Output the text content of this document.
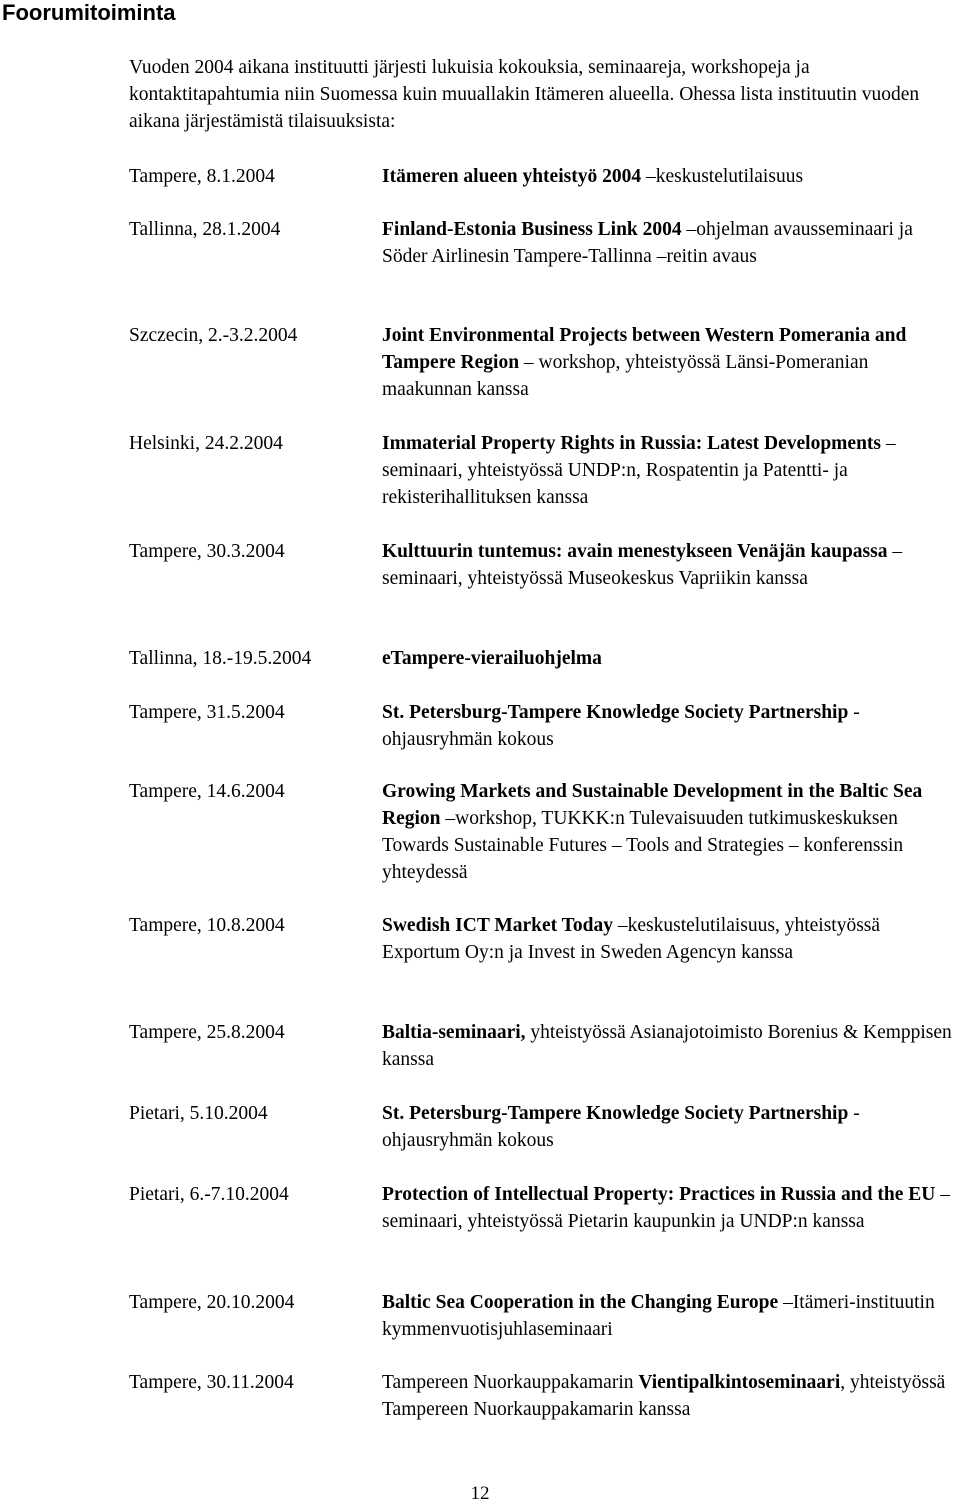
Foorumitoiminta
Vuoden 2004 aikana instituutti järjesti lukuisia kokouksia, seminaareja, workshopeja ja kontaktitapahtumia niin Suomessa kuin muuallakin Itämeren alueella. Ohessa lista instituutin vuoden aikana järjestämistä tilaisuuksista:
Tampere, 8.1.2004	Itämeren alueen yhteistyö 2004 –keskustelutilaisuus
Tallinna, 28.1.2004	Finland-Estonia Business Link 2004 –ohjelman avausseminaari ja Söder Airlinesin Tampere-Tallinna –reitin avaus
Szczecin, 2.-3.2.2004	Joint Environmental Projects between Western Pomerania and Tampere Region – workshop, yhteistyössä Länsi-Pomeranian maakunnan kanssa
Helsinki, 24.2.2004	Immaterial Property Rights in Russia: Latest Developments –seminaari, yhteistyössä UNDP:n, Rospatentin ja Patentti- ja rekisterihallituksen kanssa
Tampere, 30.3.2004	Kulttuurin tuntemus: avain menestykseen Venäjän kaupassa –seminaari, yhteistyössä Museokeskus Vapriikin kanssa
Tallinna, 18.-19.5.2004	eTampere-vierailuohjelma
Tampere, 31.5.2004	St. Petersburg-Tampere Knowledge Society Partnership - ohjausryhmän kokous
Tampere, 14.6.2004	Growing Markets and Sustainable Development in the Baltic Sea Region –workshop, TUKKK:n Tulevaisuuden tutkimuskeskuksen Towards Sustainable Futures – Tools and Strategies – konferenssin yhteydessä
Tampere, 10.8.2004	Swedish ICT Market Today –keskustelutilaisuus, yhteistyössä Exportum Oy:n ja Invest in Sweden Agencyn kanssa
Tampere, 25.8.2004	Baltia-seminaari, yhteistyössä Asianajotoimisto Borenius & Kemppisen kanssa
Pietari, 5.10.2004	St. Petersburg-Tampere Knowledge Society Partnership - ohjausryhmän kokous
Pietari, 6.-7.10.2004	Protection of Intellectual Property: Practices in Russia and the EU –seminaari, yhteistyössä Pietarin kaupunkin ja UNDP:n kanssa
Tampere, 20.10.2004	Baltic Sea Cooperation in the Changing Europe –Itämeri-instituutin kymmenvuotisjuhlaseminaari
Tampere, 30.11.2004	Tampereen Nuorkauppakamarin Vientipalkintoseminaari, yhteistyössä Tampereen Nuorkauppakamarin kanssa
12
